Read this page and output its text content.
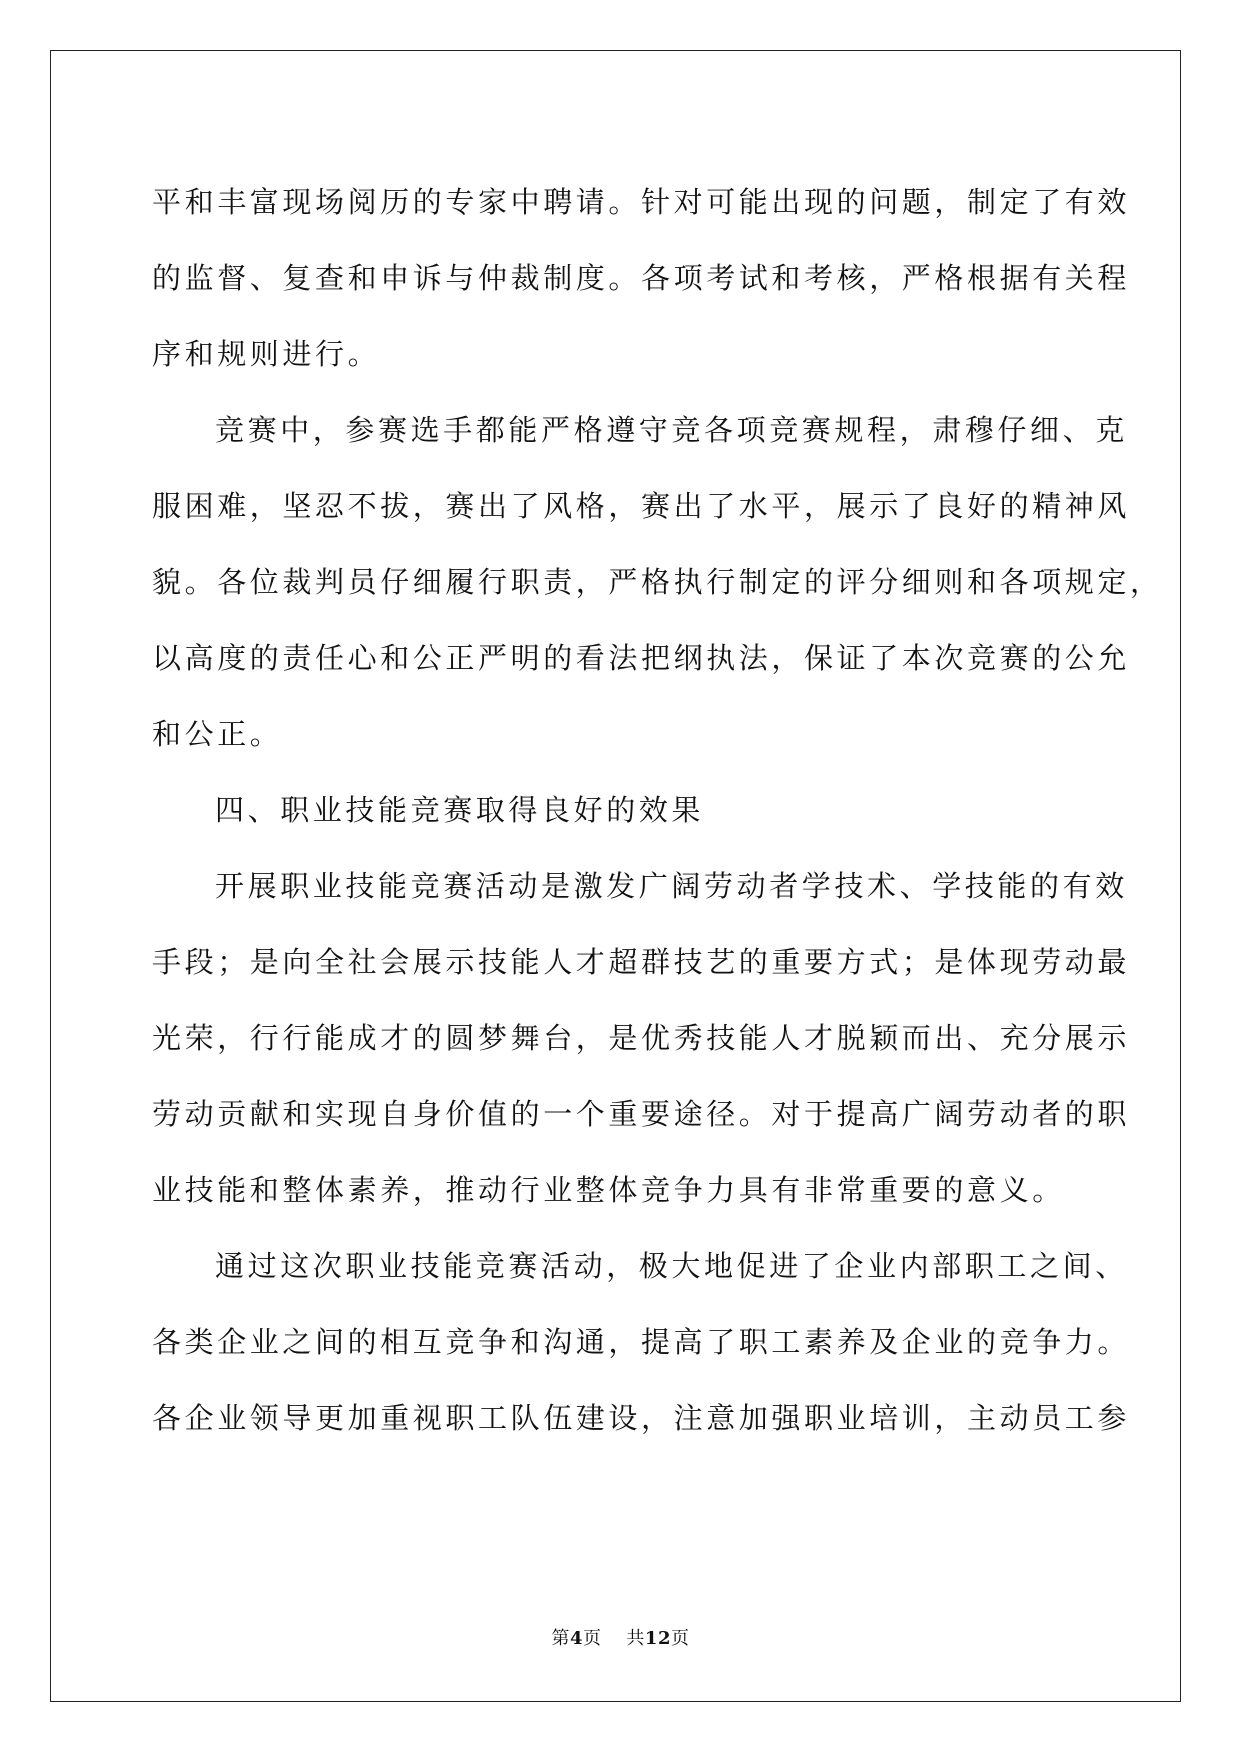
平和丰富现场阅历的专家中聘请。针对可能出现的问题，制定了有效
的监督、复查和申诉与仲裁制度。各项考试和考核，严格根据有关程
序和规则进行。

竞赛中，参赛选手都能严格遵守竞各项竞赛规程，肃穆仔细、克
服困难，坚忍不拔，赛出了风格，赛出了水平，展示了良好的精神风
貌。各位裁判员仔细履行职责，严格执行制定的评分细则和各项规定，
以高度的责任心和公正严明的看法把纲执法，保证了本次竞赛的公允
和公正。

四、职业技能竞赛取得良好的效果

开展职业技能竞赛活动是激发广阔劳动者学技术、学技能的有效
手段；是向全社会展示技能人才超群技艺的重要方式；是体现劳动最
光荣，行行能成才的圆梦舞台，是优秀技能人才脱颖而出、充分展示
劳动贡献和实现自身价值的一个重要途径。对于提高广阔劳动者的职
业技能和整体素养，推动行业整体竞争力具有非常重要的意义。

通过这次职业技能竞赛活动，极大地促进了企业内部职工之间、
各类企业之间的相互竞争和沟通，提高了职工素养及企业的竞争力。
各企业领导更加重视职工队伍建设，注意加强职业培训，主动员工参

第4页 共12页
